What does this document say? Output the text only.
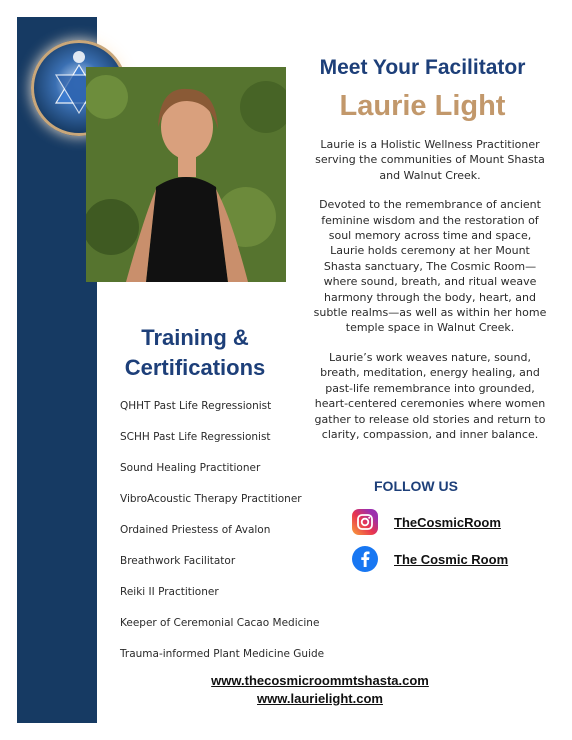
Meet Your Facilitator
Laurie Light

Laurie is a Holistic Wellness Practitioner serving the communities of Mount Shasta and Walnut Creek.

Devoted to the remembrance of ancient feminine wisdom and the restoration of soul memory across time and space, Laurie holds ceremony at her Mount Shasta sanctuary, The Cosmic Room—where sound, breath, and ritual weave harmony through the body, heart, and subtle realms—as well as within her home temple space in Walnut Creek.

Laurie’s work weaves nature, sound, breath, meditation, energy healing, and past-life remembrance into grounded, heart-centered ceremonies where women gather to release old stories and return to clarity, compassion, and inner balance.

Training &
Certifications
QHHT Past Life Regressionist
SCHH Past Life Regressionist
Sound Healing Practitioner
VibroAcoustic Therapy Practitioner
Ordained Priestess of Avalon
Breathwork Facilitator
Reiki II Practitioner
Keeper of Ceremonial Cacao Medicine
Trauma-informed Plant Medicine Guide
FOLLOW US
TheCosmicRoom
The Cosmic Room
www.thecosmicroommtshasta.com
www.laurielight.com
